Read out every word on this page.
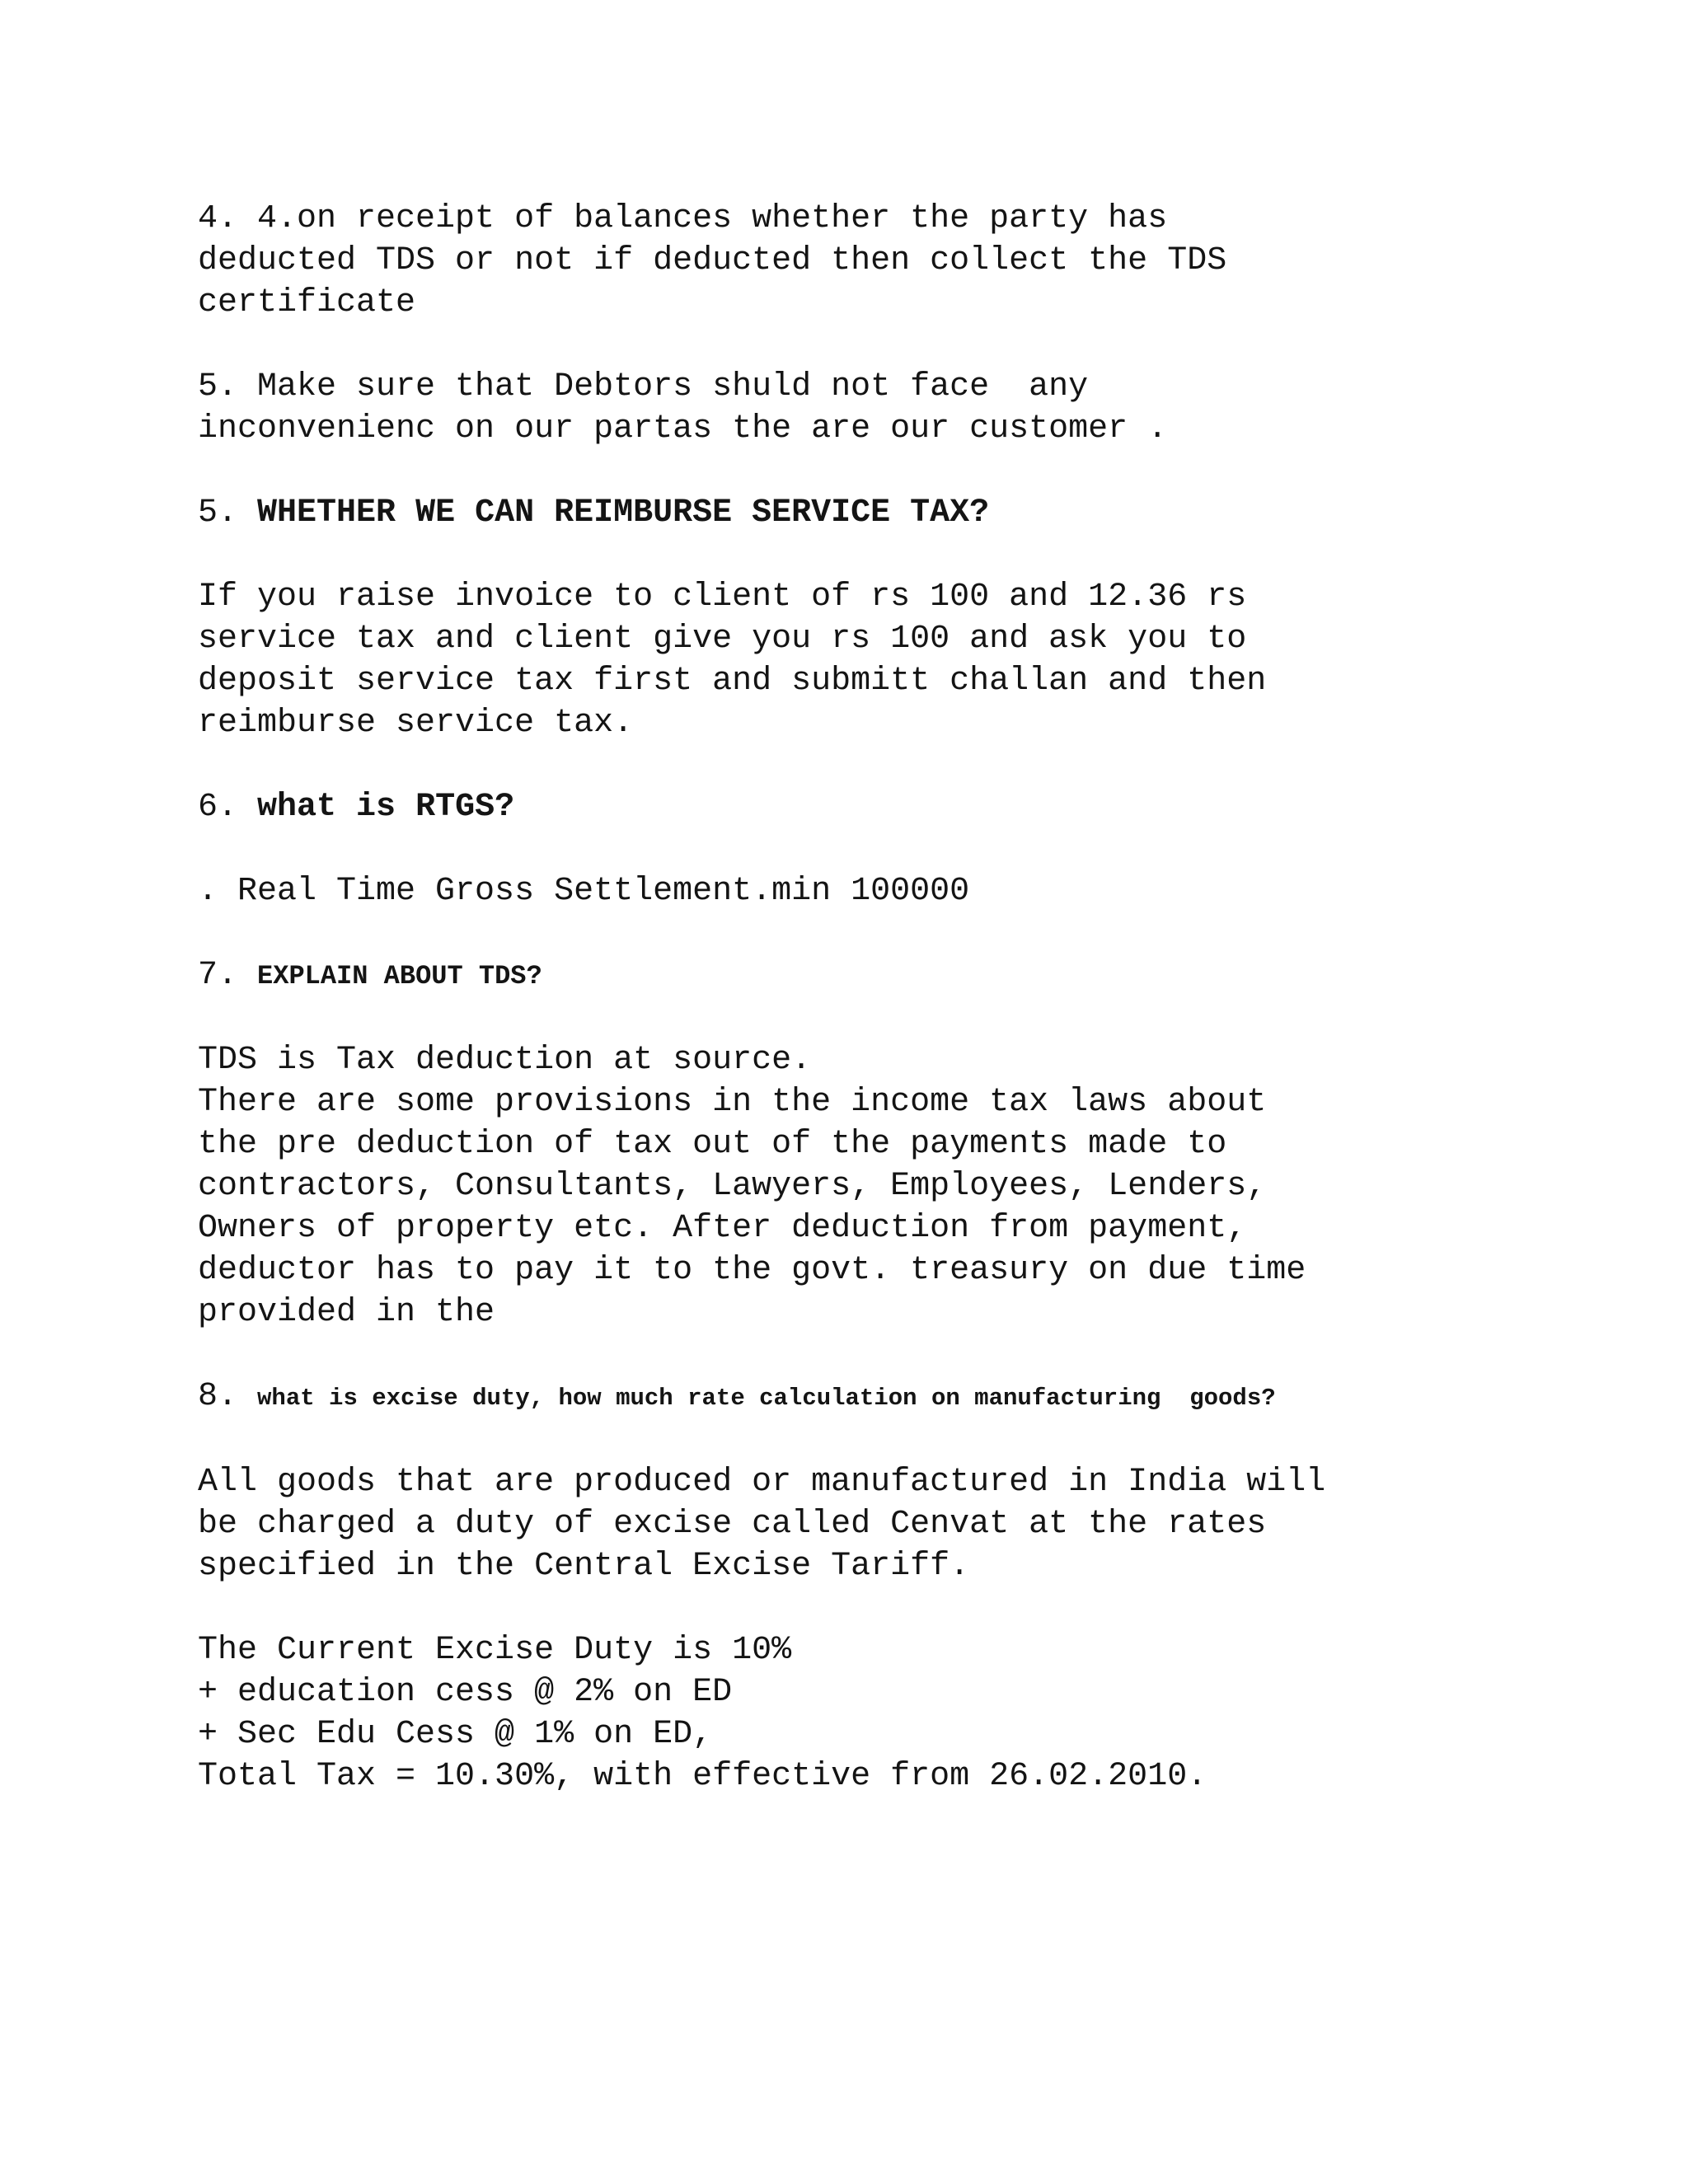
4. 4.on receipt of balances whether the party has
deducted TDS or not if deducted then collect the TDS
certificate
5. Make sure that Debtors shuld not face  any
inconvenienc on our partas the are our customer .
5. WHETHER WE CAN REIMBURSE SERVICE TAX?
If you raise invoice to client of rs 100 and 12.36 rs
service tax and client give you rs 100 and ask you to
deposit service tax first and submitt challan and then
reimburse service tax.
6. what is RTGS?
. Real Time Gross Settlement.min 100000
7. EXPLAIN ABOUT TDS?
TDS is Tax deduction at source.
There are some provisions in the income tax laws about
the pre deduction of tax out of the payments made to
contractors, Consultants, Lawyers, Employees, Lenders,
Owners of property etc. After deduction from payment,
deductor has to pay it to the govt. treasury on due time
provided in the
8. what is excise duty, how much rate calculation on manufacturing  goods?
All goods that are produced or manufactured in India will
be charged a duty of excise called Cenvat at the rates
specified in the Central Excise Tariff.
The Current Excise Duty is 10%
+ education cess @ 2% on ED
+ Sec Edu Cess @ 1% on ED,
Total Tax = 10.30%, with effective from 26.02.2010.
